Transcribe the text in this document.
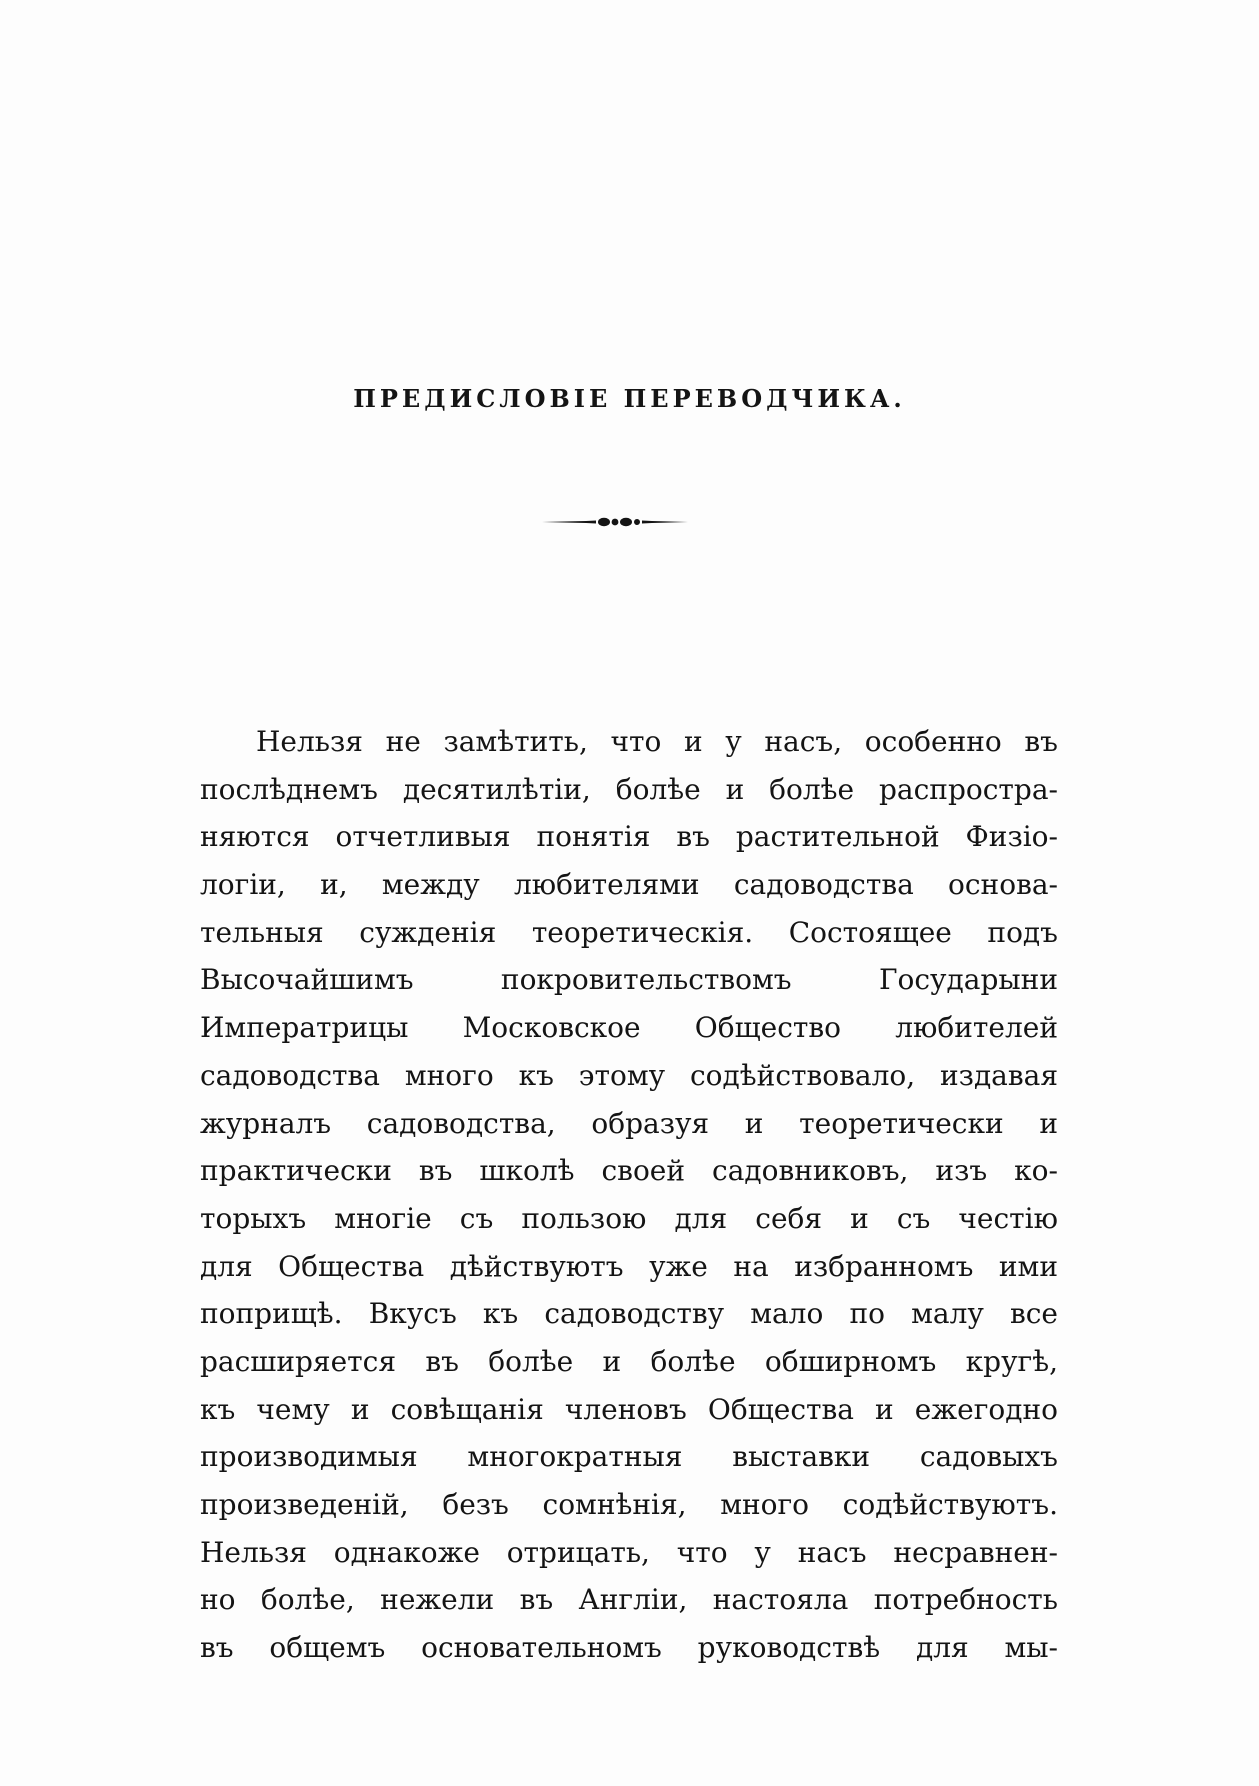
ПРЕДИСЛОВІЕ ПЕРЕВОДЧИКА.
Нельзя не замѣтить, что и у насъ, особенно въ
послѣднемъ десятилѣтіи, болѣе и болѣе распростра-
няются отчетливыя понятія въ растительной Физіо-
логіи, и, между любителями садоводства основа-
тельныя сужденія теоретическія. Состоящее подъ
Высочайшимъ покровительствомъ Государыни
Императрицы Московское Общество любителей
садоводства много къ этому содѣйствовало, издавая
журналъ садоводства, образуя и теоретически и
практически въ школѣ своей садовниковъ, изъ ко-
торыхъ многіе съ пользою для себя и съ честію
для Общества дѣйствуютъ уже на избранномъ ими
поприщѣ. Вкусъ къ садоводству мало по малу все
расширяется въ болѣе и болѣе обширномъ кругѣ,
къ чему и совѣщанія членовъ Общества и ежегодно
производимыя многократныя выставки садовыхъ
произведеній, безъ сомнѣнія, много содѣйствуютъ.
Нельзя однакоже отрицать, что у насъ несравнен-
но болѣе, нежели въ Англіи, настояла потребность
въ общемъ основательномъ руководствѣ для мы-
